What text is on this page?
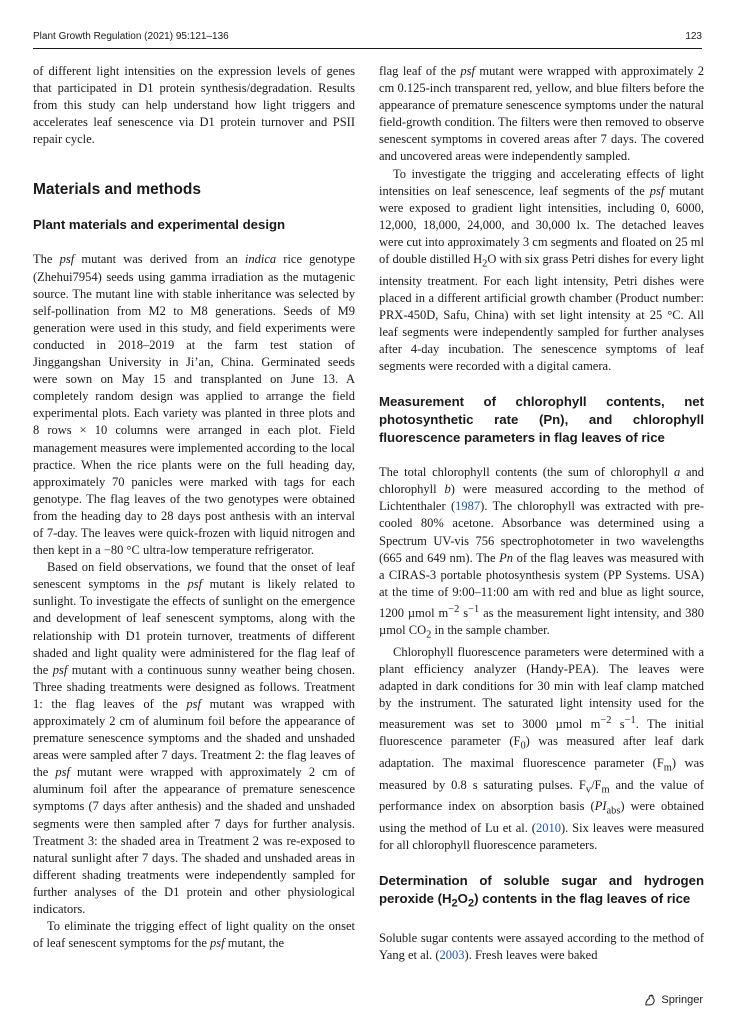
Plant Growth Regulation (2021) 95:121–136	123

of different light intensities on the expression levels of genes that participated in D1 protein synthesis/degradation. Results from this study can help understand how light triggers and accelerates leaf senescence via D1 protein turnover and PSII repair cycle.

Materials and methods
Plant materials and experimental design

The psf mutant was derived from an indica rice genotype (Zhehui7954) seeds using gamma irradiation as the mutagenic source. The mutant line with stable inheritance was selected by self-pollination from M2 to M8 generations. Seeds of M9 generation were used in this study, and field experiments were conducted in 2018–2019 at the farm test station of Jinggangshan University in Ji’an, China. Germinated seeds were sown on May 15 and transplanted on June 13. A completely random design was applied to arrange the field experimental plots. Each variety was planted in three plots and 8 rows × 10 columns were arranged in each plot. Field management measures were implemented according to the local practice. When the rice plants were on the full heading day, approximately 70 panicles were marked with tags for each genotype. The flag leaves of the two genotypes were obtained from the heading day to 28 days post anthesis with an interval of 7-day. The leaves were quick-frozen with liquid nitrogen and then kept in a −80 °C ultra-low temperature refrigerator.

Based on field observations, we found that the onset of leaf senescent symptoms in the psf mutant is likely related to sunlight. To investigate the effects of sunlight on the emergence and development of leaf senescent symptoms, along with the relationship with D1 protein turnover, treatments of different shaded and light quality were administered for the flag leaf of the psf mutant with a continuous sunny weather being chosen. Three shading treatments were designed as follows. Treatment 1: the flag leaves of the psf mutant was wrapped with approximately 2 cm of aluminum foil before the appearance of premature senescence symptoms and the shaded and unshaded areas were sampled after 7 days. Treatment 2: the flag leaves of the psf mutant were wrapped with approximately 2 cm of aluminum foil after the appearance of premature senescence symptoms (7 days after anthesis) and the shaded and unshaded segments were then sampled after 7 days for further analysis. Treatment 3: the shaded area in Treatment 2 was re-exposed to natural sunlight after 7 days. The shaded and unshaded areas in different shading treatments were independently sampled for further analyses of the D1 protein and other physiological indicators.

To eliminate the trigging effect of light quality on the onset of leaf senescent symptoms for the psf mutant, the

flag leaf of the psf mutant were wrapped with approximately 2 cm 0.125-inch transparent red, yellow, and blue filters before the appearance of premature senescence symptoms under the natural field-growth condition. The filters were then removed to observe senescent symptoms in covered areas after 7 days. The covered and uncovered areas were independently sampled.

To investigate the trigging and accelerating effects of light intensities on leaf senescence, leaf segments of the psf mutant were exposed to gradient light intensities, including 0, 6000, 12,000, 18,000, 24,000, and 30,000 lx. The detached leaves were cut into approximately 3 cm segments and floated on 25 ml of double distilled $H_2O$ with six grass Petri dishes for every light intensity treatment. For each light intensity, Petri dishes were placed in a different artificial growth chamber (Product number: PRX-450D, Safu, China) with set light intensity at 25 °C. All leaf segments were independently sampled for further analyses after 4-day incubation. The senescence symptoms of leaf segments were recorded with a digital camera.

Measurement of chlorophyll contents, net photosynthetic rate (Pn), and chlorophyll fluorescence parameters in flag leaves of rice

The total chlorophyll contents (the sum of chlorophyll a and chlorophyll b) were measured according to the method of Lichtenthaler (1987). The chlorophyll was extracted with pre-cooled 80% acetone. Absorbance was determined using a Spectrum UV-vis 756 spectrophotometer in two wavelengths (665 and 649 nm). The Pn of the flag leaves was measured with a CIRAS-3 portable photosynthesis system (PP Systems. USA) at the time of 9:00–11:00 am with red and blue as light source, 1200 µmol $m^{-2}$ $s^{-1}$ as the measurement light intensity, and 380 µmol $CO_2$ in the sample chamber.

Chlorophyll fluorescence parameters were determined with a plant efficiency analyzer (Handy-PEA). The leaves were adapted in dark conditions for 30 min with leaf clamp matched by the instrument. The saturated light intensity used for the measurement was set to 3000 µmol $m^{-2}$ $s^{-1}$. The initial fluorescence parameter $(F_0)$ was measured after leaf dark adaptation. The maximal fluorescence parameter $(F_m)$ was measured by 0.8 s saturating pulses. $F_v/F_m$ and the value of performance index on absorption basis $(PI_{abs})$ were obtained using the method of Lu et al. (2010). Six leaves were measured for all chlorophyll fluorescence parameters.

Determination of soluble sugar and hydrogen peroxide $(H_2O_2)$ contents in the flag leaves of rice

Soluble sugar contents were assayed according to the method of Yang et al. (2003). Fresh leaves were baked

Springer
